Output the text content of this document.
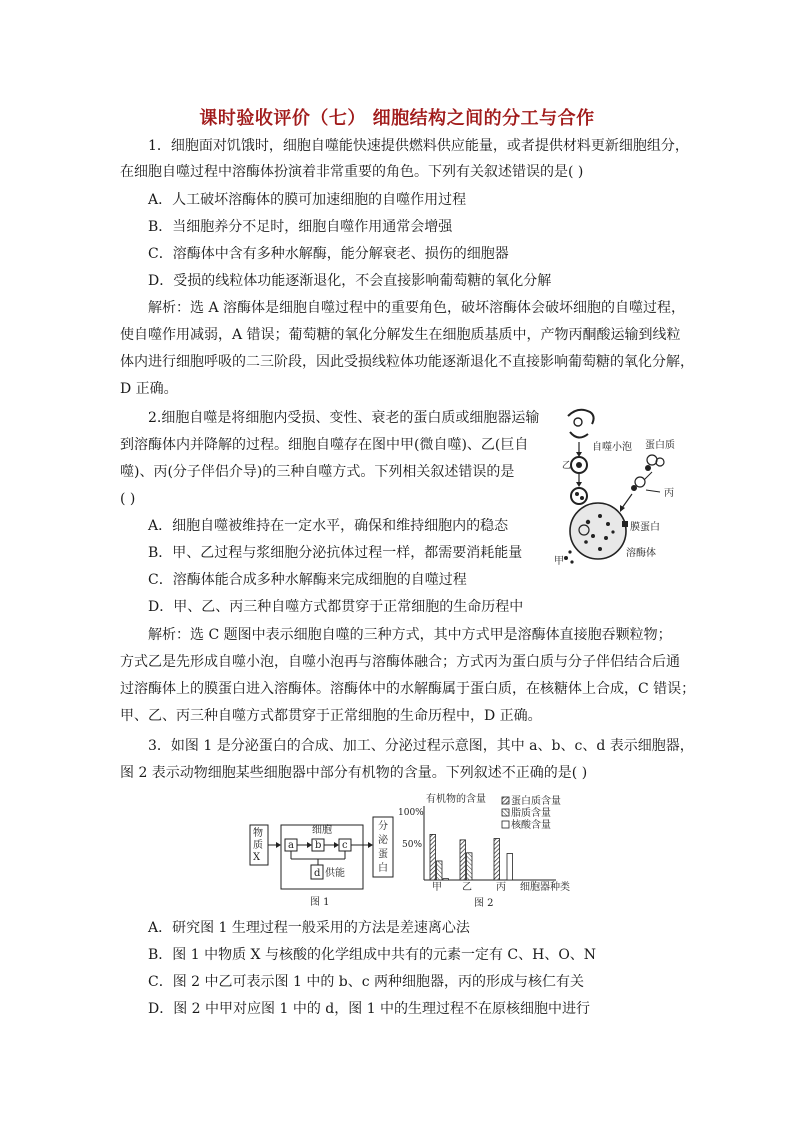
课时验收评价（七） 细胞结构之间的分工与合作
1．细胞面对饥饿时，细胞自噬能快速提供燃料供应能量，或者提供材料更新细胞组分，
在细胞自噬过程中溶酶体扮演着非常重要的角色。下列有关叙述错误的是( )
A．人工破坏溶酶体的膜可加速细胞的自噬作用过程
B．当细胞养分不足时，细胞自噬作用通常会增强
C．溶酶体中含有多种水解酶，能分解衰老、损伤的细胞器
D．受损的线粒体功能逐渐退化，不会直接影响葡萄糖的氧化分解
解析：选 A 溶酶体是细胞自噬过程中的重要角色，破坏溶酶体会破坏细胞的自噬过程，
使自噬作用减弱，A 错误；葡萄糖的氧化分解发生在细胞质基质中，产物丙酮酸运输到线粒
体内进行细胞呼吸的二三阶段，因此受损线粒体功能逐渐退化不直接影响葡萄糖的氧化分解，
D 正确。
2.细胞自噬是将细胞内受损、变性、衰老的蛋白质或细胞器运输
到溶酶体内并降解的过程。细胞自噬存在图中甲(微自噬)、乙(巨自
噬)、丙(分子伴侣介导)的三种自噬方式。下列相关叙述错误的是
( )
A．细胞自噬被维持在一定水平，确保和维持细胞内的稳态
B．甲、乙过程与浆细胞分泌抗体过程一样，都需要消耗能量
C．溶酶体能合成多种水解酶来完成细胞的自噬过程
D．甲、乙、丙三种自噬方式都贯穿于正常细胞的生命历程中
解析：选 C 题图中表示细胞自噬的三种方式，其中方式甲是溶酶体直接胞吞颗粒物；
方式乙是先形成自噬小泡，自噬小泡再与溶酶体融合；方式丙为蛋白质与分子伴侣结合后通
过溶酶体上的膜蛋白进入溶酶体。溶酶体中的水解酶属于蛋白质，在核糖体上合成，C 错误；
甲、乙、丙三种自噬方式都贯穿于正常细胞的生命历程中，D 正确。
自噬小泡
乙
蛋白质
丙
膜蛋白
溶酶体
甲
3．如图 1 是分泌蛋白的合成、加工、分泌过程示意图，其中 a、b、c、d 表示细胞器，
图 2 表示动物细胞某些细胞器中部分有机物的含量。下列叙述不正确的是( )
物
质
X
细胞
a b c
d 供能
分
泌
蛋
白
图 1
有机物的含量
100%
50%
甲 乙 丙 细胞器种类
蛋白质含量
脂质含量
核酸含量
图 2
A．研究图 1 生理过程一般采用的方法是差速离心法
B．图 1 中物质 X 与核酸的化学组成中共有的元素一定有 C、H、O、N
C．图 2 中乙可表示图 1 中的 b、c 两种细胞器，丙的形成与核仁有关
D．图 2 中甲对应图 1 中的 d，图 1 中的生理过程不在原核细胞中进行
